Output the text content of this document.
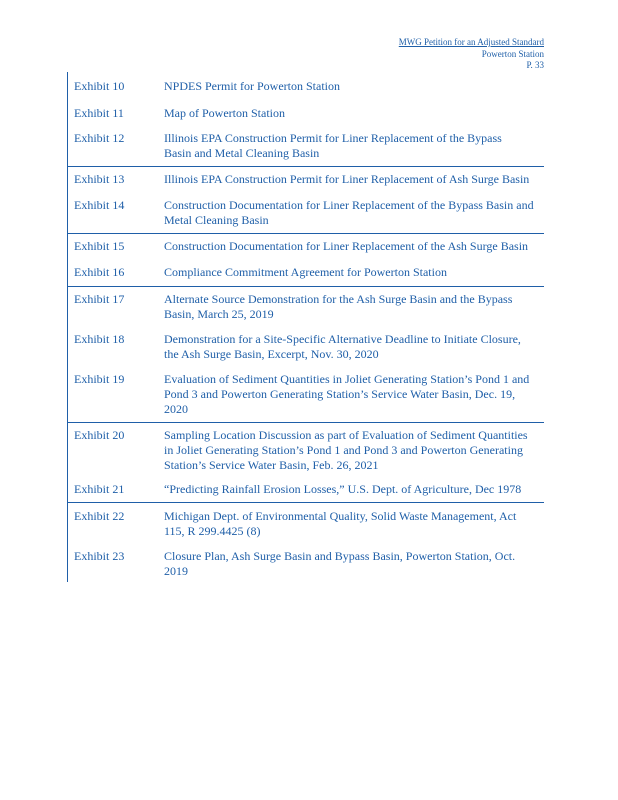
MWG Petition for an Adjusted Standard
Powerton Station
P. 33
Exhibit 10	NPDES Permit for Powerton Station
Exhibit 11	Map of Powerton Station
Exhibit 12	Illinois EPA Construction Permit for Liner Replacement of the Bypass
Basin and Metal Cleaning Basin
Exhibit 13	Illinois EPA Construction Permit for Liner Replacement of Ash Surge Basin
Exhibit 14	Construction Documentation for Liner Replacement of the Bypass Basin and
Metal Cleaning Basin
Exhibit 15	Construction Documentation for Liner Replacement of the Ash Surge Basin
Exhibit 16	Compliance Commitment Agreement for Powerton Station
Exhibit 17	Alternate Source Demonstration for the Ash Surge Basin and the Bypass
Basin, March 25, 2019
Exhibit 18	Demonstration for a Site-Specific Alternative Deadline to Initiate Closure,
the Ash Surge Basin, Excerpt, Nov. 30, 2020
Exhibit 19	Evaluation of Sediment Quantities in Joliet Generating Station’s Pond 1 and
Pond 3 and Powerton Generating Station’s Service Water Basin, Dec. 19,
2020
Exhibit 20	Sampling Location Discussion as part of Evaluation of Sediment Quantities
in Joliet Generating Station’s Pond 1 and Pond 3 and Powerton Generating
Station’s Service Water Basin, Feb. 26, 2021
Exhibit 21	“Predicting Rainfall Erosion Losses,” U.S. Dept. of Agriculture, Dec 1978
Exhibit 22	Michigan Dept. of Environmental Quality, Solid Waste Management, Act
115, R 299.4425 (8)
Exhibit 23	Closure Plan, Ash Surge Basin and Bypass Basin, Powerton Station, Oct.
2019
